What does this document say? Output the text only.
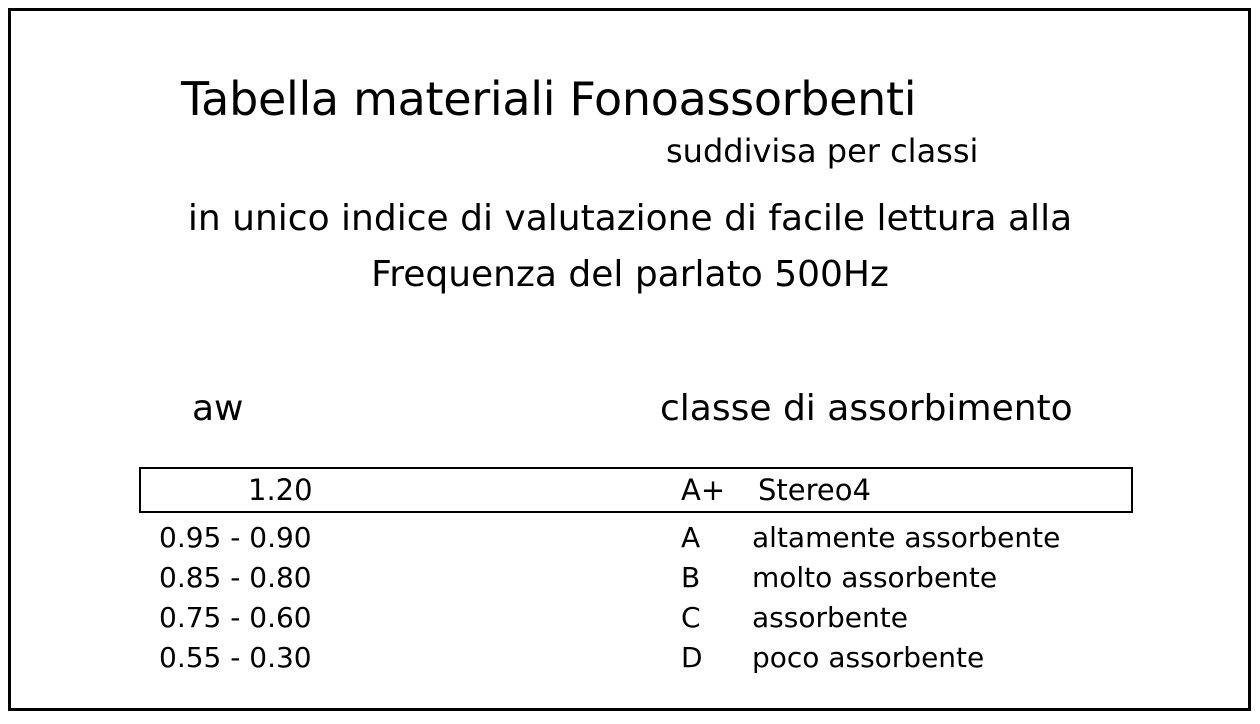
Tabella materiali Fonoassorbenti
suddivisa per classi
in unico indice di valutazione di facile lettura alla
Frequenza del parlato 500Hz
aw	classe di assorbimento
1.20	A+ Stereo4
0.95 - 0.90	A altamente assorbente
0.85 - 0.80	B molto assorbente
0.75 - 0.60	C assorbente
0.55 - 0.30	D poco assorbente
